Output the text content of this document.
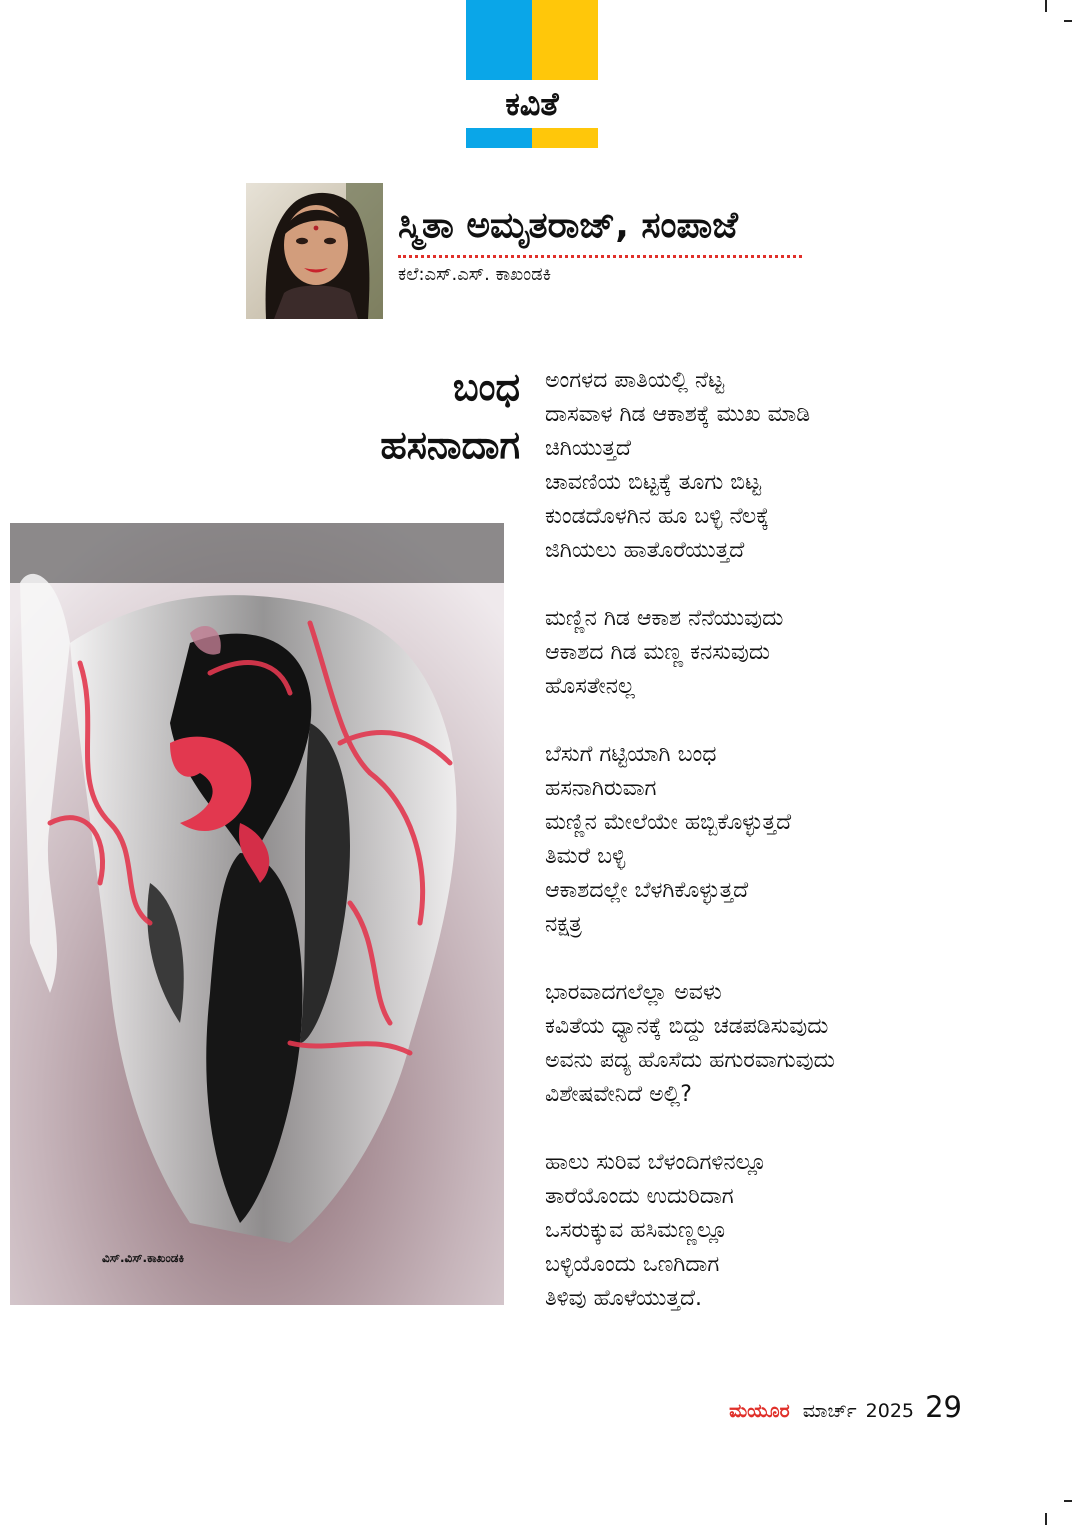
ಕವಿತೆ
ಸ್ಮಿತಾ ಅಮೃತರಾಜ್, ಸಂಪಾಜೆ
ಕಲೆ:ಎಸ್.ಎಸ್. ಕಾಖಂಡಕಿ
ಬಂಧ
ಹಸನಾದಾಗ
ಅಂಗಳದ ಪಾತಿಯಲ್ಲಿ ನೆಟ್ಟ
ದಾಸವಾಳ ಗಿಡ ಆಕಾಶಕ್ಕೆ ಮುಖ ಮಾಡಿ
ಚಿಗಿಯುತ್ತದೆ
ಚಾವಣಿಯ ಬಿಟ್ಟಕ್ಕೆ ತೂಗು ಬಿಟ್ಟ
ಕುಂಡದೊಳಗಿನ ಹೂ ಬಳ್ಳಿ ನೆಲಕ್ಕೆ
ಜಿಗಿಯಲು ಹಾತೊರೆಯುತ್ತದೆ
ಮಣ್ಣಿನ ಗಿಡ ಆಕಾಶ ನೆನೆಯುವುದು
ಆಕಾಶದ ಗಿಡ ಮಣ್ಣ ಕನಸುವುದು
ಹೊಸತೇನಲ್ಲ
ಬೆಸುಗೆ ಗಟ್ಟಿಯಾಗಿ ಬಂಧ
ಹಸನಾಗಿರುವಾಗ
ಮಣ್ಣಿನ ಮೇಲೆಯೇ ಹಬ್ಬಿಕೊಳ್ಳುತ್ತದೆ
ತಿಮರೆ ಬಳ್ಳಿ
ಆಕಾಶದಲ್ಲೇ ಬೆಳಗಿಕೊಳ್ಳುತ್ತದೆ
ನಕ್ಷತ್ರ
ಭಾರವಾದಗಲೆಲ್ಲಾ ಅವಳು
ಕವಿತೆಯ ಧ್ಯಾನಕ್ಕೆ ಬಿದ್ದು ಚಡಪಡಿಸುವುದು
ಅವನು ಪದ್ಯ ಹೊಸೆದು ಹಗುರವಾಗುವುದು
ವಿಶೇಷವೇನಿದೆ ಅಲ್ಲಿ?
ಹಾಲು ಸುರಿವ ಬೆಳಂದಿಗಳಿನಲ್ಲೂ
ತಾರೆಯೊಂದು ಉದುರಿದಾಗ
ಒಸರುಕ್ಕುವ ಹಸಿಮಣ್ಣಲ್ಲೂ
ಬಳ್ಳಿಯೊಂದು ಒಣಗಿದಾಗ
ತಿಳಿವು ಹೊಳೆಯುತ್ತದೆ.
ವಿಸ್.ವಿಸ್.ಕಾಖಂಡಕಿ
ಮಯೂರ ಮಾರ್ಚ್ 2025 29
